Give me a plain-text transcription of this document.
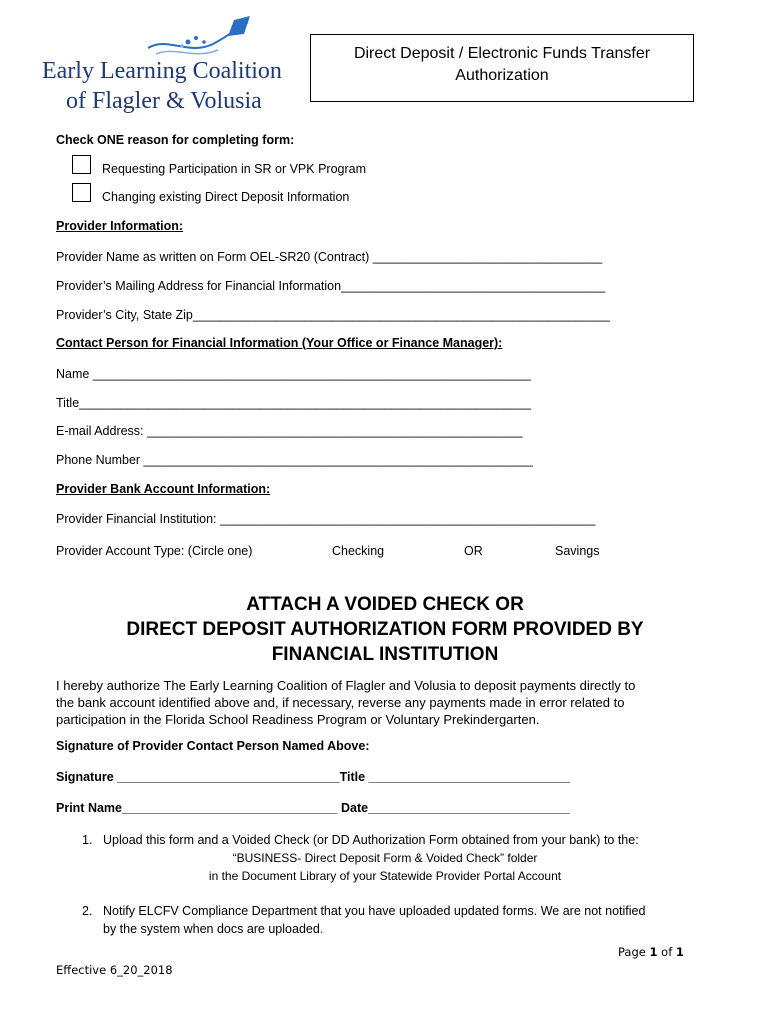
Early Learning Coalition
of Flagler & Volusia
Direct Deposit / Electronic Funds Transfer
Authorization
Check ONE reason for completing form:
Requesting Participation in SR or VPK Program
Changing existing Direct Deposit Information
Provider Information:
Provider Name as written on Form OEL-SR20 (Contract) _________________________________
Provider’s Mailing Address for Financial Information______________________________________
Provider’s City, State Zip____________________________________________________________
Contact Person for Financial Information (Your Office or Finance Manager):
Name _______________________________________________________________
Title_________________________________________________________________
E-mail Address: ______________________________________________________
Phone Number ________________________________________________________
Provider Bank Account Information:
Provider Financial Institution: ______________________________________________________
Provider Account Type: (Circle one)	Checking	OR	Savings
ATTACH A VOIDED CHECK OR
DIRECT DEPOSIT AUTHORIZATION FORM PROVIDED BY
FINANCIAL INSTITUTION
I hereby authorize The Early Learning Coalition of Flagler and Volusia to deposit payments directly to
the bank account identified above and, if necessary, reverse any payments made in error related to
participation in the Florida School Readiness Program or Voluntary Prekindergarten.
Signature of Provider Contact Person Named Above:
Signature ________________________________Title _____________________________
Print Name_______________________________ Date_____________________________
1. Upload this form and a Voided Check (or DD Authorization Form obtained from your bank) to the:
“BUSINESS- Direct Deposit Form & Voided Check” folder
in the Document Library of your Statewide Provider Portal Account
2. Notify ELCFV Compliance Department that you have uploaded updated forms. We are not notified
by the system when docs are uploaded.
Page 1 of 1
Effective 6_20_2018
